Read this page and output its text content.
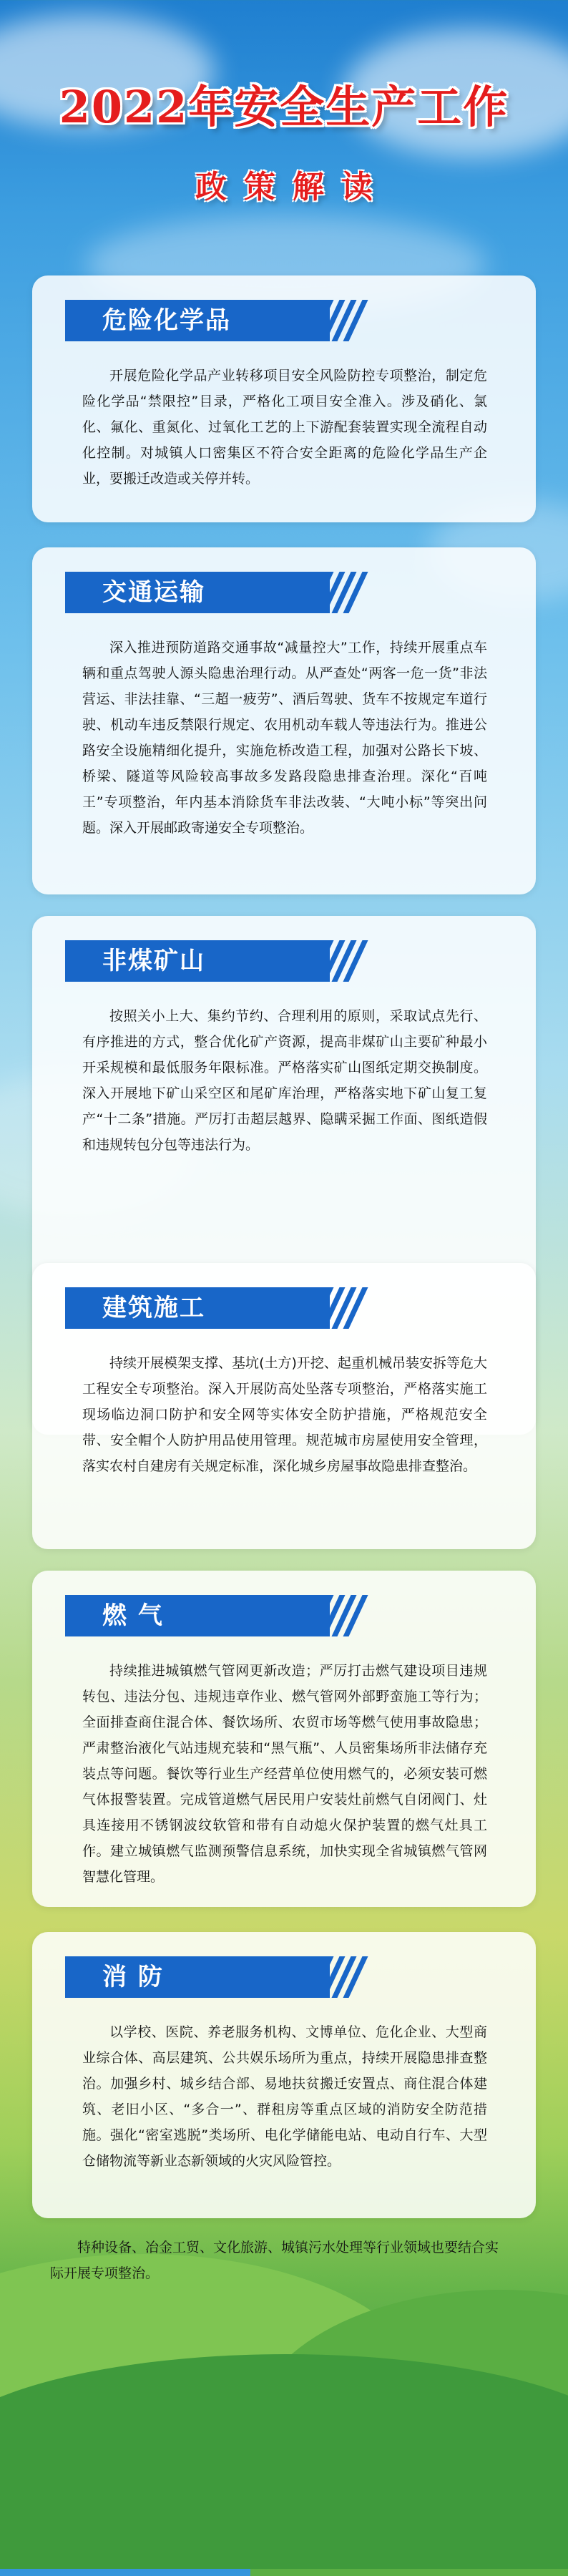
2022年安全生产工作
政策解读
危险化学品
开展危险化学品产业转移项目安全风险防控专项整治，制定危险化学品“禁限控”目录，严格化工项目安全准入。涉及硝化、氯化、氟化、重氮化、过氧化工艺的上下游配套装置实现全流程自动化控制。对城镇人口密集区不符合安全距离的危险化学品生产企业，要搬迁改造或关停并转。
交通运输
深入推进预防道路交通事故“减量控大”工作，持续开展重点车辆和重点驾驶人源头隐患治理行动。从严查处“两客一危一货”非法营运、非法挂靠、“三超一疲劳”、酒后驾驶、货车不按规定车道行驶、机动车违反禁限行规定、农用机动车载人等违法行为。推进公路安全设施精细化提升，实施危桥改造工程，加强对公路长下坡、桥梁、隧道等风险较高事故多发路段隐患排查治理。深化“百吨王”专项整治，年内基本消除货车非法改装、“大吨小标”等突出问题。深入开展邮政寄递安全专项整治。
非煤矿山
按照关小上大、集约节约、合理利用的原则，采取试点先行、有序推进的方式，整合优化矿产资源，提高非煤矿山主要矿种最小开采规模和最低服务年限标准。严格落实矿山图纸定期交换制度。深入开展地下矿山采空区和尾矿库治理，严格落实地下矿山复工复产“十二条”措施。严厉打击超层越界、隐瞒采掘工作面、图纸造假和违规转包分包等违法行为。
建筑施工
持续开展模架支撑、基坑(土方)开挖、起重机械吊装安拆等危大工程安全专项整治。深入开展防高处坠落专项整治，严格落实施工现场临边洞口防护和安全网等实体安全防护措施，严格规范安全带、安全帽个人防护用品使用管理。规范城市房屋使用安全管理，落实农村自建房有关规定标准，深化城乡房屋事故隐患排查整治。
燃 气
持续推进城镇燃气管网更新改造；严厉打击燃气建设项目违规转包、违法分包、违规违章作业、燃气管网外部野蛮施工等行为；全面排查商住混合体、餐饮场所、农贸市场等燃气使用事故隐患；严肃整治液化气站违规充装和“黑气瓶”、人员密集场所非法储存充装点等问题。餐饮等行业生产经营单位使用燃气的，必须安装可燃气体报警装置。完成管道燃气居民用户安装灶前燃气自闭阀门、灶具连接用不锈钢波纹软管和带有自动熄火保护装置的燃气灶具工作。建立城镇燃气监测预警信息系统，加快实现全省城镇燃气管网智慧化管理。
消 防
以学校、医院、养老服务机构、文博单位、危化企业、大型商业综合体、高层建筑、公共娱乐场所为重点，持续开展隐患排查整治。加强乡村、城乡结合部、易地扶贫搬迁安置点、商住混合体建筑、老旧小区、“多合一”、群租房等重点区域的消防安全防范措施。强化“密室逃脱”类场所、电化学储能电站、电动自行车、大型仓储物流等新业态新领域的火灾风险管控。
特种设备、冶金工贸、文化旅游、城镇污水处理等行业领域也要结合实际开展专项整治。
